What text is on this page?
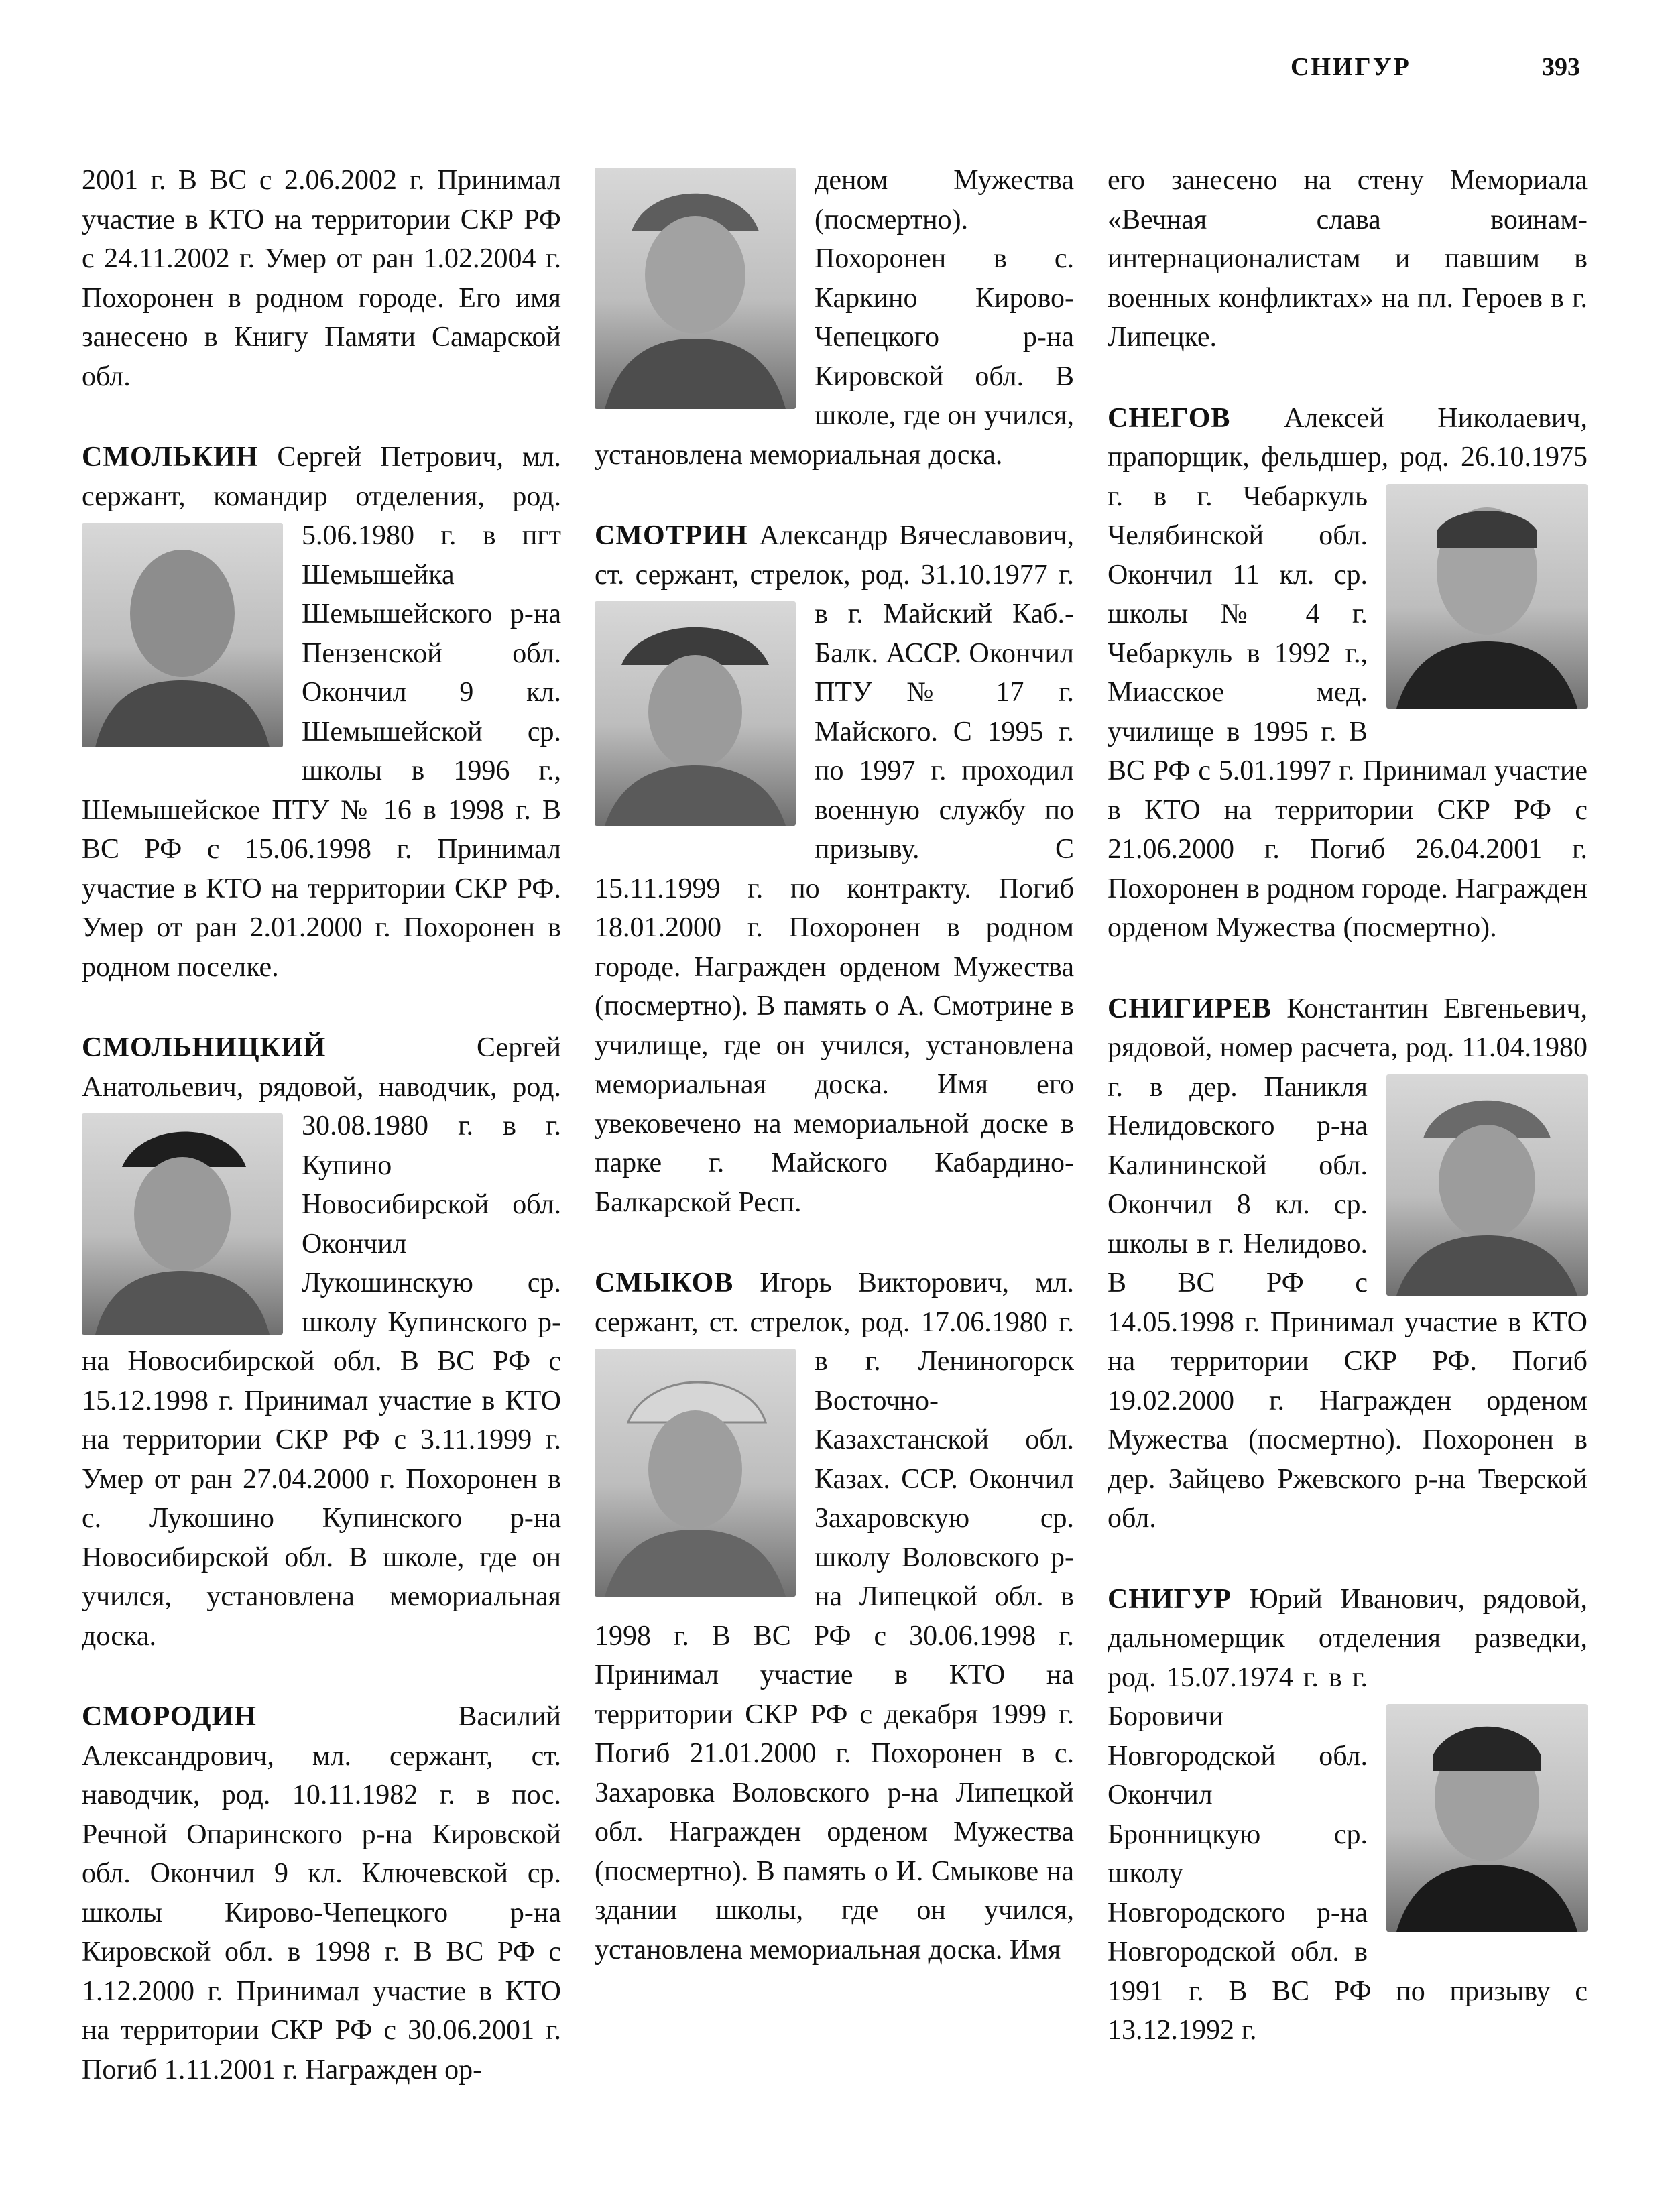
СНИГУР	393

2001 г. В ВС с 2.06.2002 г. Принимал участие в КТО на территории СКР РФ с 24.11.2002 г. Умер от ран 1.02.2004 г. Похоронен в родном городе. Его имя занесено в Книгу Памяти Самарской обл.

СМОЛЬКИН Сергей Петрович, мл. сержант, командир отделения, род. 5.06.1980 г. в пгт Шемышейка Шемышейского р-на Пензенской обл. Окончил 9 кл. Шемышейской ср. школы в 1996 г., Шемышейское ПТУ № 16 в 1998 г. В ВС РФ с 15.06.1998 г. Принимал участие в КТО на территории СКР РФ. Умер от ран 2.01.2000 г. Похоронен в родном поселке.
СМОЛЬНИЦКИЙ Сергей Анатольевич, рядовой, наводчик, род. 30.08.1980 г. в г. Купино Новосибирской обл. Окончил Лукошинскую ср. школу Купинского р-на Новосибирской обл. В ВС РФ с 15.12.1998 г. Принимал участие в КТО на территории СКР РФ с 3.11.1999 г. Умер от ран 27.04.2000 г. Похоронен в с. Лукошино Купинского р-на Новосибирской обл. В школе, где он учился, установлена мемориальная доска.
СМОРОДИН Василий Александрович, мл. сержант, ст. наводчик, род. 10.11.1982 г. в пос. Речной Опаринского р-на Кировской обл. Окончил 9 кл. Ключевской ср. школы Кирово-Чепецкого р-на Кировской обл. в 1998 г. В ВС РФ с 1.12.2000 г. Принимал участие в КТО на территории СКР РФ с 30.06.2001 г. Погиб 1.11.2001 г. Награжден ор-
деном Мужества (посмертно). Похоронен в с. Каркино Кирово-Чепецкого р-на Кировской обл. В школе, где он учился, установлена мемориальная доска.
СМОТРИН Александр Вячеславович, ст. сержант, стрелок, род. 31.10.1977 г. в г. Майский Каб.-Балк. АССР. Окончил ПТУ № 17 г. Майского. С 1995 г. по 1997 г. проходил военную службу по призыву. С 15.11.1999 г. по контракту. Погиб 18.01.2000 г. Похоронен в родном городе. Награжден орденом Мужества (посмертно). В память о А. Смотрине в училище, где он учился, установлена мемориальная доска. Имя его увековечено на мемориальной доске в парке г. Майского Кабардино-Балкарской Респ.
СМЫКОВ Игорь Викторович, мл. сержант, ст. стрелок, род. 17.06.1980 г. в г. Лениногорск Восточно-Казахстанской обл. Казах. ССР. Окончил Захаровскую ср. школу Воловского р-на Липецкой обл. в 1998 г. В ВС РФ с 30.06.1998 г. Принимал участие в КТО на территории СКР РФ с декабря 1999 г. Погиб 21.01.2000 г. Похоронен в с. Захаровка Воловского р-на Липецкой обл. Награжден орденом Мужества (посмертно). В память о И. Смыкове на здании школы, где он учился, установлена мемориальная доска. Имя

его занесено на стену Мемориала «Вечная слава воинам-интернационалистам и павшим в военных конфликтах» на пл. Героев в г. Липецке.

СНЕГОВ Алексей Николаевич, прапорщик, фельдшер, род. 26.10.1975 г. в г. Чебаркуль Челябинской обл. Окончил 11 кл. ср. школы № 4 г. Чебаркуль в 1992 г., Миасское мед. училище в 1995 г. В ВС РФ с 5.01.1997 г. Принимал участие в КТО на территории СКР РФ с 21.06.2000 г. Погиб 26.04.2001 г. Похоронен в родном городе. Награжден орденом Мужества (посмертно).
СНИГИРЕВ Константин Евгеньевич, рядовой, номер расчета, род. 11.04.1980 г. в дер. Паникля Нелидовского р-на Калининской обл. Окончил 8 кл. ср. школы в г. Нелидово. В ВС РФ с 14.05.1998 г. Принимал участие в КТО на территории СКР РФ. Погиб 19.02.2000 г. Награжден орденом Мужества (посмертно). Похоронен в дер. Зайцево Ржевского р-на Тверской обл.
СНИГУР Юрий Иванович, рядовой, дальномерщик отделения разведки, род. 15.07.1974 г. в г. Боровичи Новгородской обл. Окончил Бронницкую ср. школу Новгородского р-на Новгородской обл. в 1991 г. В ВС РФ по призыву с 13.12.1992 г.
